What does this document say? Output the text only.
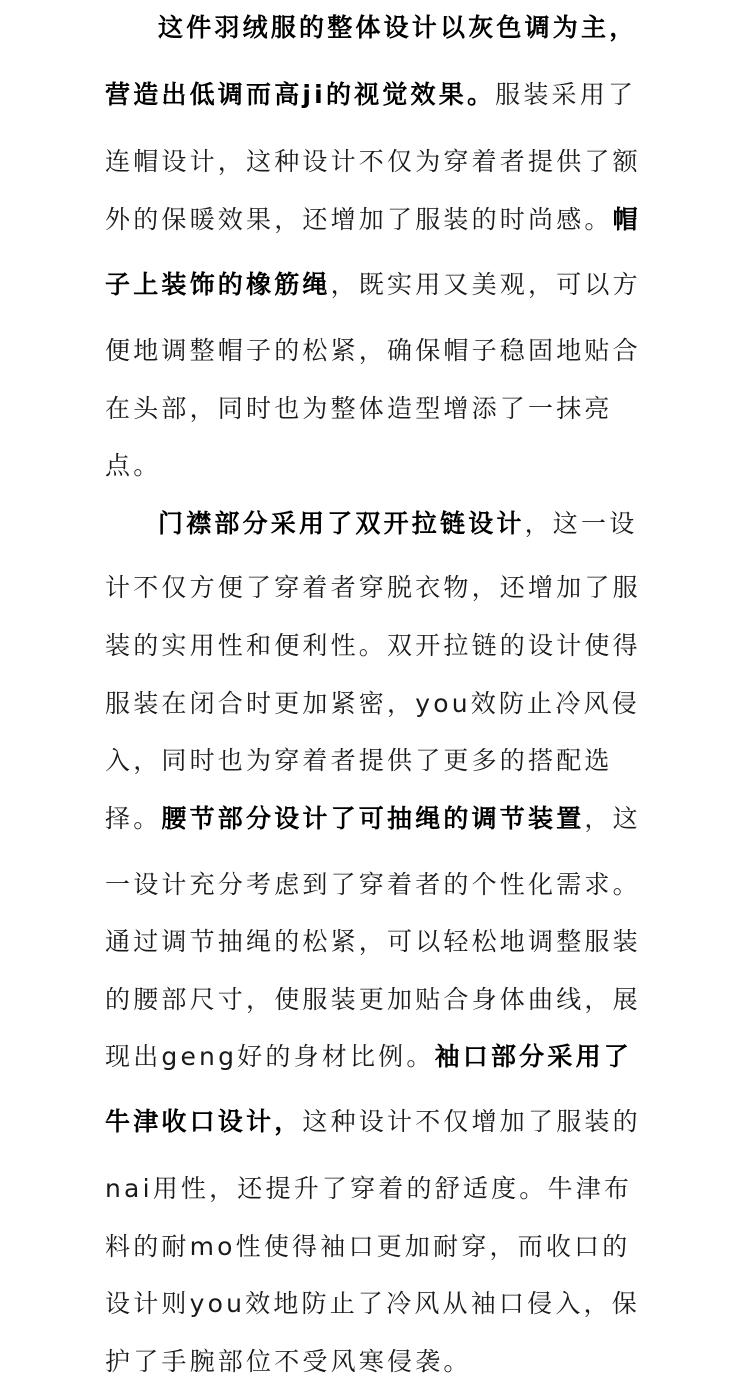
这件羽绒服的整体设计以灰色调为主，

营造出低调而高ji的视觉效果。服装采用了

连帽设计，这种设计不仅为穿着者提供了额

外的保暖效果，还增加了服装的时尚感。帽

子上装饰的橡筋绳，既实用又美观，可以方

便地调整帽子的松紧，确保帽子稳固地贴合

在头部，同时也为整体造型增添了一抹亮

点。

门襟部分采用了双开拉链设计，这一设

计不仅方便了穿着者穿脱衣物，还增加了服

装的实用性和便利性。双开拉链的设计使得

服装在闭合时更加紧密，you效防止冷风侵

入，同时也为穿着者提供了更多的搭配选

择。腰节部分设计了可抽绳的调节装置，这

一设计充分考虑到了穿着者的个性化需求。

通过调节抽绳的松紧，可以轻松地调整服装

的腰部尺寸，使服装更加贴合身体曲线，展

现出geng好的身材比例。袖口部分采用了

牛津收口设计，这种设计不仅增加了服装的

nai用性，还提升了穿着的舒适度。牛津布

料的耐mo性使得袖口更加耐穿，而收口的

设计则you效地防止了冷风从袖口侵入，保

护了手腕部位不受风寒侵袭。
